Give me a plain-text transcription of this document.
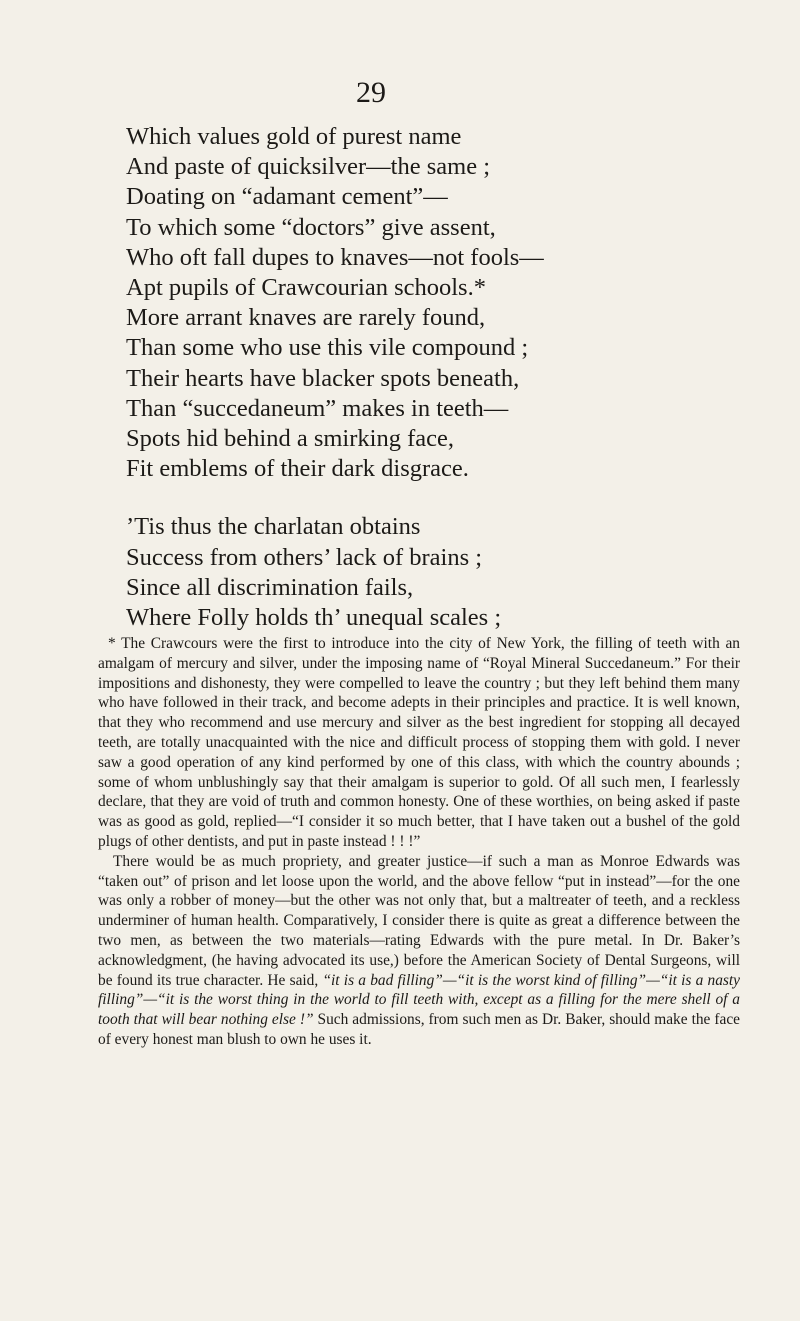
29
Which values gold of purest name
And paste of quicksilver—the same ;
Doating on “adamant cement”—
To which some “doctors” give assent,
Who oft fall dupes to knaves—not fools—
Apt pupils of Crawcourian schools.*
More arrant knaves are rarely found,
Than some who use this vile compound ;
Their hearts have blacker spots beneath,
Than “succedaneum” makes in teeth—
Spots hid behind a smirking face,
Fit emblems of their dark disgrace.
’Tis thus the charlatan obtains
Success from others’ lack of brains ;
Since all discrimination fails,
Where Folly holds th’ unequal scales ;

* The Crawcours were the first to introduce into the city of New York, the filling of teeth with an amalgam of mercury and silver, under the imposing name of “Royal Mineral Succedaneum.” For their impositions and dishonesty, they were compelled to leave the country ; but they left behind them many who have followed in their track, and become adepts in their principles and practice. It is well known, that they who recommend and use mercury and silver as the best ingredient for stopping all decayed teeth, are totally unacquainted with the nice and difficult process of stopping them with gold. I never saw a good operation of any kind performed by one of this class, with which the country abounds ; some of whom unblushingly say that their amalgam is superior to gold. Of all such men, I fearlessly declare, that they are void of truth and common honesty. One of these worthies, on being asked if paste was as good as gold, replied—“I consider it so much better, that I have taken out a bushel of the gold plugs of other dentists, and put in paste instead ! ! !”

There would be as much propriety, and greater justice—if such a man as Monroe Edwards was “taken out” of prison and let loose upon the world, and the above fellow “put in instead”—for the one was only a robber of money—but the other was not only that, but a maltreater of teeth, and a reckless underminer of human health. Comparatively, I consider there is quite as great a difference between the two men, as between the two materials—rating Edwards with the pure metal. In Dr. Baker’s acknowledgment, (he having advocated its use,) before the American Society of Dental Surgeons, will be found its true character. He said, “it is a bad filling”—“it is the worst kind of filling”—“it is a nasty filling”—“it is the worst thing in the world to fill teeth with, except as a filling for the mere shell of a tooth that will bear nothing else !” Such admissions, from such men as Dr. Baker, should make the face of every honest man blush to own he uses it.
